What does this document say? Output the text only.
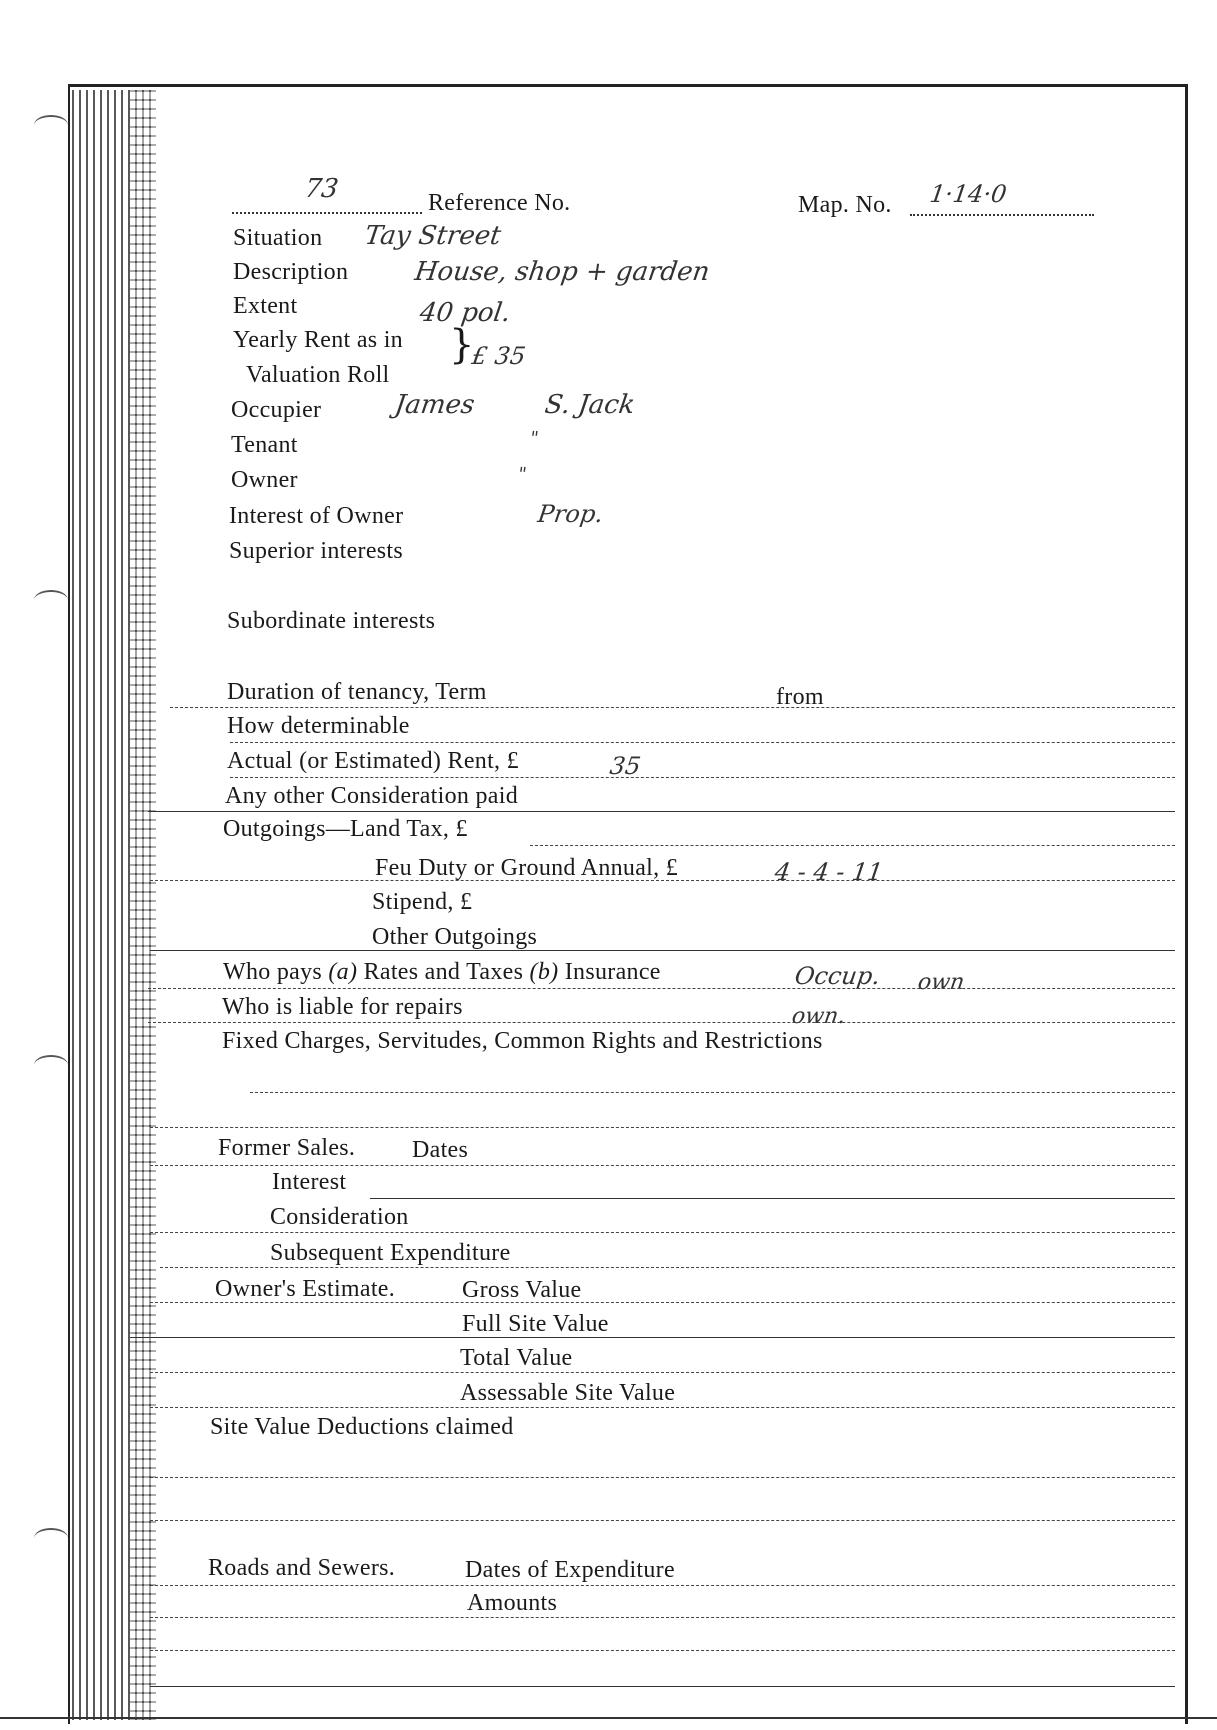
73	Reference No.	Map. No. 1·14·0
Situation Tay Street
Description House, shop + garden
Extent	40 pol.
Yearly Rent as in
Valuation Roll
}
£ 35
Occupier	James	S. Jack
Tenant	"
Owner	"
Interest of Owner	Prop.
Superior interests
Subordinate interests
Duration of tenancy, Term	from
How determinable
Actual (or Estimated) Rent, £	35
Any other Consideration paid
Outgoings—Land Tax, £
Feu Duty or Ground Annual, £	4 - 4 - 11
Stipend, £
Other Outgoings
Who pays (a) Rates and Taxes (b) Insurance	Occup. own
Who is liable for repairs	own.
Fixed Charges, Servitudes, Common Rights and Restrictions
Former Sales. Dates
Interest
Consideration
Subsequent Expenditure
Owner's Estimate.	Gross Value
Full Site Value
Total Value
Assessable Site Value
Site Value Deductions claimed
Roads and Sewers.	Dates of Expenditure
Amounts
